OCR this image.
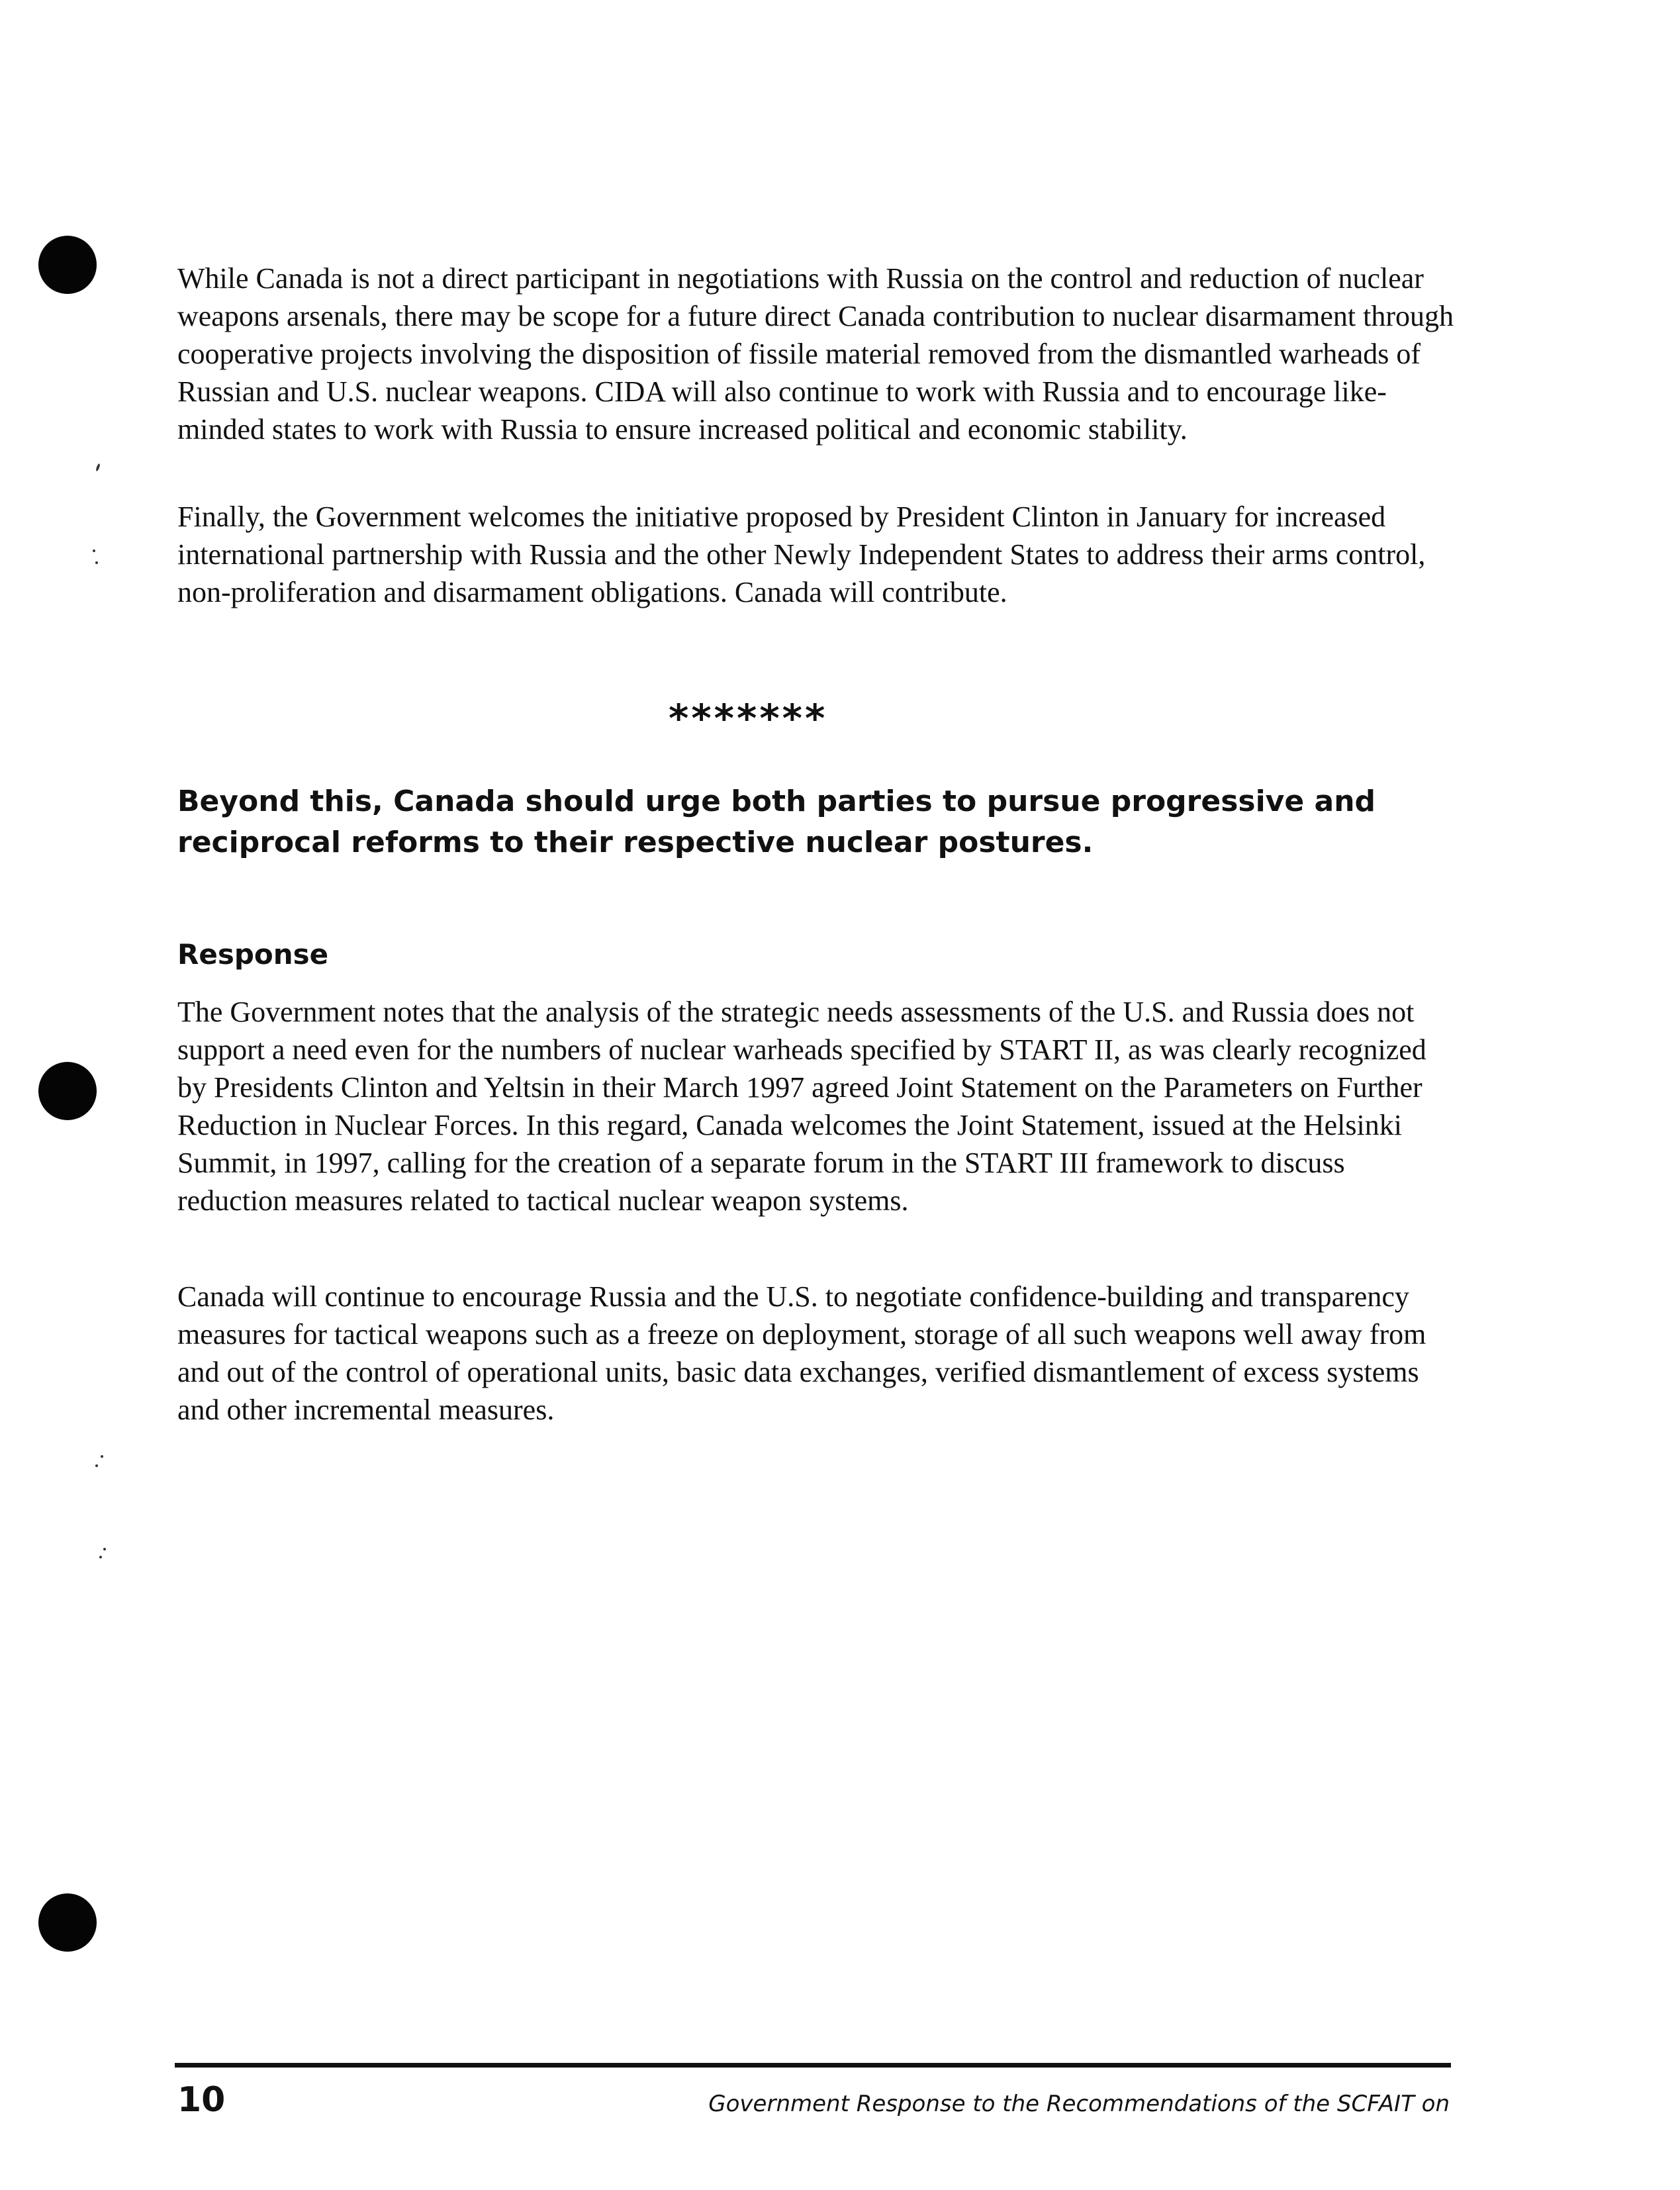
While Canada is not a direct participant in negotiations with Russia on the control and reduction of nuclear weapons arsenals, there may be scope for a future direct Canada contribution to nuclear disarmament through cooperative projects involving the disposition of fissile material removed from the dismantled warheads of Russian and U.S. nuclear weapons. CIDA will also continue to work with Russia and to encourage like-minded states to work with Russia to ensure increased political and economic stability.

Finally, the Government welcomes the initiative proposed by President Clinton in January for increased international partnership with Russia and the other Newly Independent States to address their arms control, non-proliferation and disarmament obligations. Canada will contribute.

*******

Beyond this, Canada should urge both parties to pursue progressive and reciprocal reforms to their respective nuclear postures.

Response

The Government notes that the analysis of the strategic needs assessments of the U.S. and Russia does not support a need even for the numbers of nuclear warheads specified by START II, as was clearly recognized by Presidents Clinton and Yeltsin in their March 1997 agreed Joint Statement on the Parameters on Further Reduction in Nuclear Forces. In this regard, Canada welcomes the Joint Statement, issued at the Helsinki Summit, in 1997, calling for the creation of a separate forum in the START III framework to discuss reduction measures related to tactical nuclear weapon systems.

Canada will continue to encourage Russia and the U.S. to negotiate confidence-building and transparency measures for tactical weapons such as a freeze on deployment, storage of all such weapons well away from and out of the control of operational units, basic data exchanges, verified dismantlement of excess systems and other incremental measures.

10	Government Response to the Recommendations of the SCFAIT on
